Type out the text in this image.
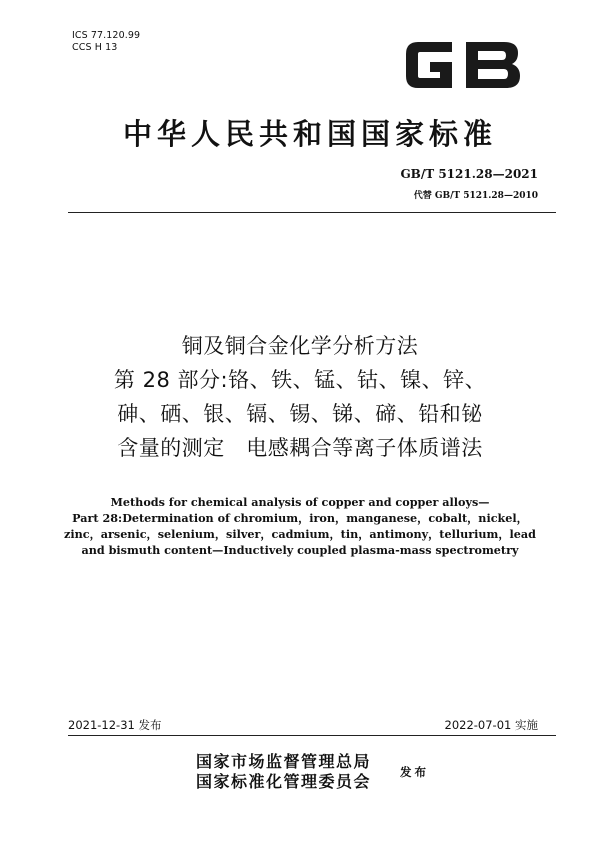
ICS 77.120.99
CCS H 13
中华人民共和国国家标准
GB/T 5121.28—2021
代替 GB/T 5121.28—2010
铜及铜合金化学分析方法
第 28 部分:铬、铁、锰、钴、镍、锌、
砷、硒、银、镉、锡、锑、碲、铅和铋
含量的测定　电感耦合等离子体质谱法
Methods for chemical analysis of copper and copper alloys—
Part 28:Determination of chromium，iron，manganese，cobalt，nickel，
zinc，arsenic，selenium，silver，cadmium，tin，antimony，tellurium，lead
and bismuth content—Inductively coupled plasma-mass spectrometry
2021-12-31 发布	2022-07-01 实施
国家市场监督管理总局
国家标准化管理委员会	发布
